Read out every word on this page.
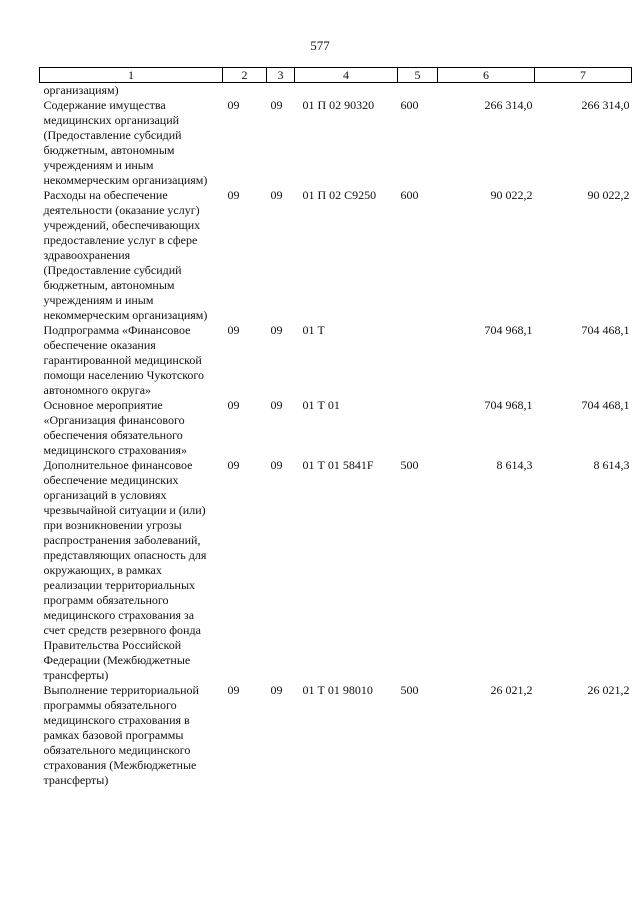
577
1	2	3	4	5	6	7
организациям)						
Содержание имущества медицинских организаций (Предоставление субсидий бюджетным, автономным учреждениям и иным некоммерческим организациям)	09	09	01 П 02 90320	600	266 314,0	266 314,0
Расходы на обеспечение деятельности (оказание услуг) учреждений, обеспечивающих предоставление услуг в сфере здравоохранения (Предоставление субсидий бюджетным, автономным учреждениям и иным некоммерческим организациям)	09	09	01 П 02 С9250	600	90 022,2	90 022,2
Подпрограмма «Финансовое обеспечение оказания гарантированной медицинской помощи населению Чукотского автономного округа»	09	09	01 Т		704 968,1	704 468,1
Основное мероприятие «Организация финансового обеспечения обязательного медицинского страхования»	09	09	01 Т 01		704 968,1	704 468,1
Дополнительное финансовое обеспечение медицинских организаций в условиях чрезвычайной ситуации и (или) при возникновении угрозы распространения заболеваний, представляющих опасность для окружающих, в рамках реализации территориальных программ обязательного медицинского страхования за счет средств резервного фонда Правительства Российской Федерации (Межбюджетные трансферты)	09	09	01 Т 01 5841F	500	8 614,3	8 614,3
Выполнение территориальной программы обязательного медицинского страхования в рамках базовой программы обязательного медицинского страхования (Межбюджетные трансферты)	09	09	01 Т 01 98010	500	26 021,2	26 021,2
